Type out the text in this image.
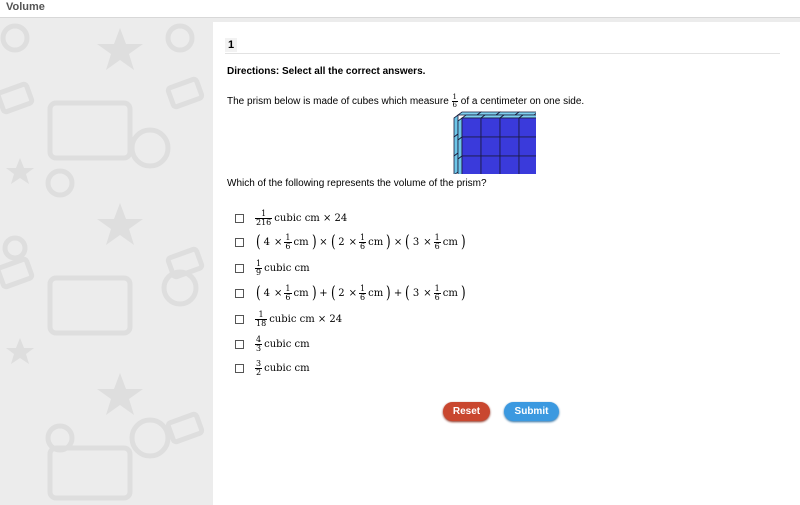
Volume
1
Directions: Select all the correct answers.
The prism below is made of cubes which measure $\frac{1}{6}$ of a centimeter on one side.
Which of the following represents the volume of the prism?
$\frac{1}{216}$ cubic cm × 24
( $4 \times \frac{1}{6}$ cm ) × ( $2 \times \frac{1}{6}$ cm ) × ( $3 \times \frac{1}{6}$ cm )
$\frac{1}{9}$ cubic cm
( $4 \times \frac{1}{6}$ cm ) + ( $2 \times \frac{1}{6}$ cm ) + ( $3 \times \frac{1}{6}$ cm )
$\frac{1}{18}$ cubic cm × 24
$\frac{4}{3}$ cubic cm
$\frac{3}{2}$ cubic cm
Reset	Submit
